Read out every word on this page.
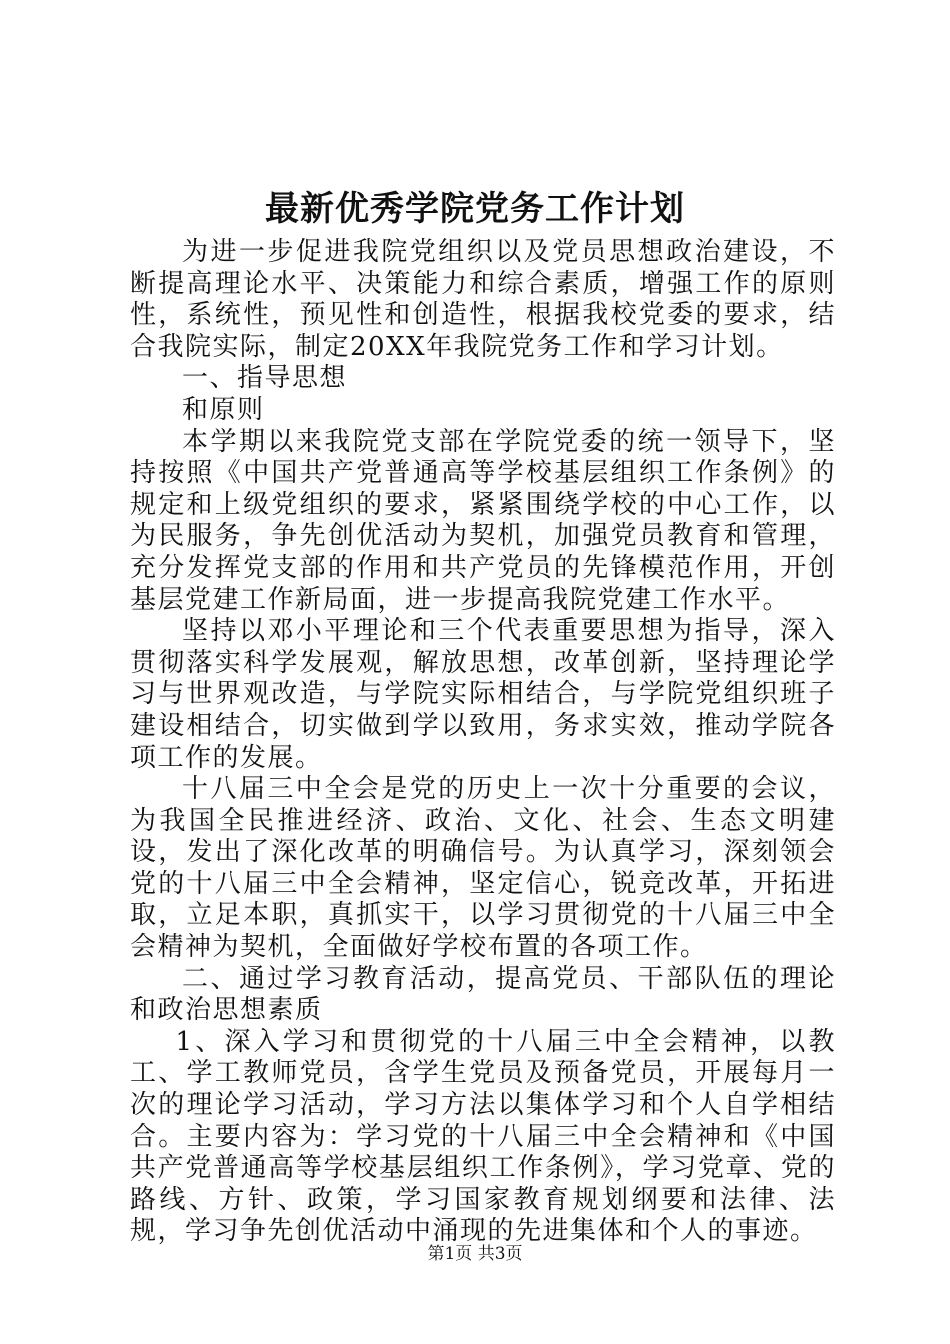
最新优秀学院党务工作计划

为进一步促进我院党组织以及党员思想政治建设，不断提高理论水平、决策能力和综合素质，增强工作的原则性，系统性，预见性和创造性，根据我校党委的要求，结合我院实际，制定20XX年我院党务工作和学习计划。

一、指导思想

和原则

本学期以来我院党支部在学院党委的统一领导下，坚持按照《中国共产党普通高等学校基层组织工作条例》的规定和上级党组织的要求，紧紧围绕学校的中心工作，以为民服务，争先创优活动为契机，加强党员教育和管理，充分发挥党支部的作用和共产党员的先锋模范作用，开创基层党建工作新局面，进一步提高我院党建工作水平。

坚持以邓小平理论和三个代表重要思想为指导，深入贯彻落实科学发展观，解放思想，改革创新，坚持理论学习与世界观改造，与学院实际相结合，与学院党组织班子建设相结合，切实做到学以致用，务求实效，推动学院各项工作的发展。

十八届三中全会是党的历史上一次十分重要的会议，为我国全民推进经济、政治、文化、社会、生态文明建设，发出了深化改革的明确信号。为认真学习，深刻领会党的十八届三中全会精神，坚定信心，锐竞改革，开拓进取，立足本职，真抓实干，以学习贯彻党的十八届三中全会精神为契机，全面做好学校布置的各项工作。

二、通过学习教育活动，提高党员、干部队伍的理论和政治思想素质

1、深入学习和贯彻党的十八届三中全会精神，以教工、学工教师党员，含学生党员及预备党员，开展每月一次的理论学习活动，学习方法以集体学习和个人自学相结合。主要内容为：学习党的十八届三中全会精神和《中国共产党普通高等学校基层组织工作条例》，学习党章、党的路线、方针、政策，学习国家教育规划纲要和法律、法规，学习争先创优活动中涌现的先进集体和个人的事迹。

第1页 共3页
